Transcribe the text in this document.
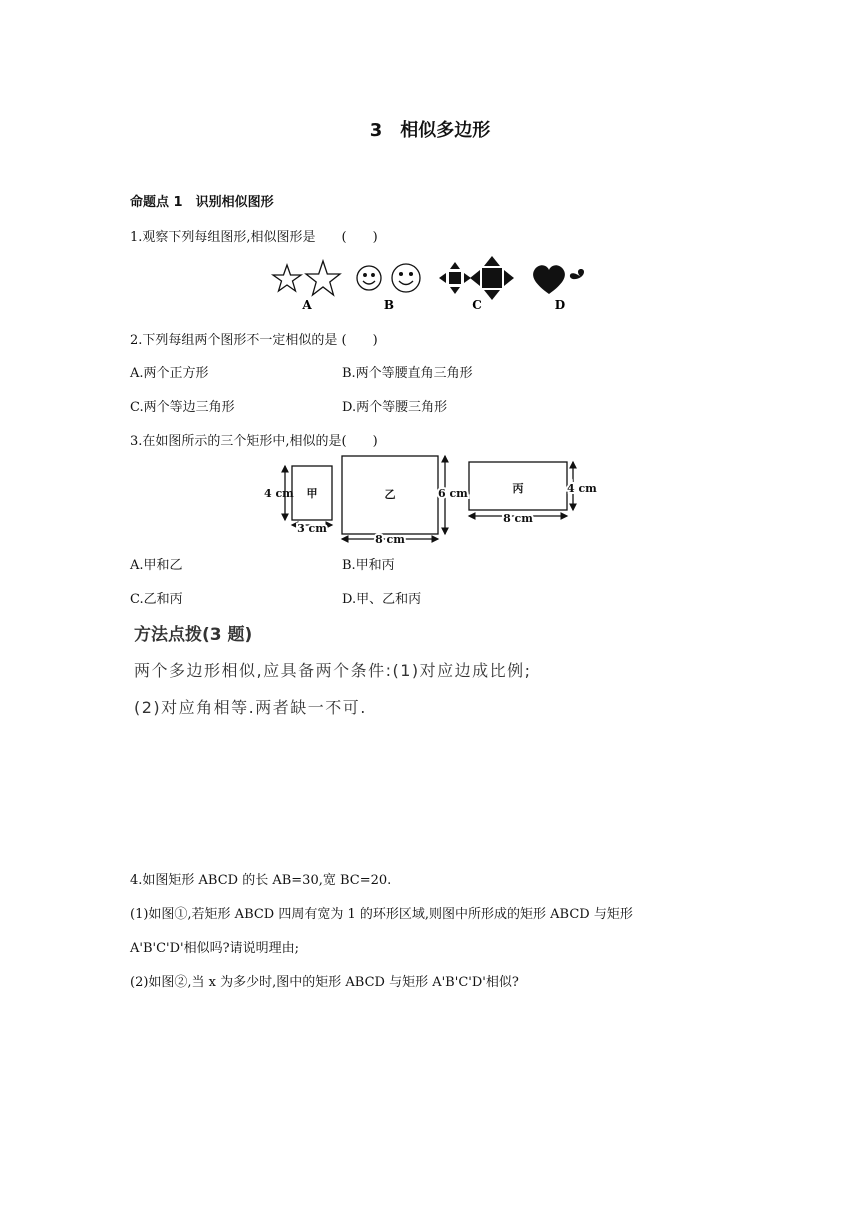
3　相似多边形
命题点 1　识别相似图形
1.观察下列每组图形,相似图形是　　(　　)
A	B	C	D
2.下列每组两个图形不一定相似的是 (　　)
A.两个正方形	B.两个等腰直角三角形
C.两个等边三角形	D.两个等腰三角形
3.在如图所示的三个矩形中,相似的是(　　)
甲
4 cm
3 cm
乙	6 cm
8 cm
丙	4 cm
8 cm
A.甲和乙	B.甲和丙
C.乙和丙	D.甲、乙和丙
方法点拨(3 题)
两个多边形相似,应具备两个条件:(1)对应边成比例;
(2)对应角相等.两者缺一不可.
4.如图矩形 ABCD 的长 AB=30,宽 BC=20.
(1)如图①,若矩形 ABCD 四周有宽为 1 的环形区域,则图中所形成的矩形 ABCD 与矩形
A'B'C'D'相似吗?请说明理由;
(2)如图②,当 x 为多少时,图中的矩形 ABCD 与矩形 A'B'C'D'相似?
